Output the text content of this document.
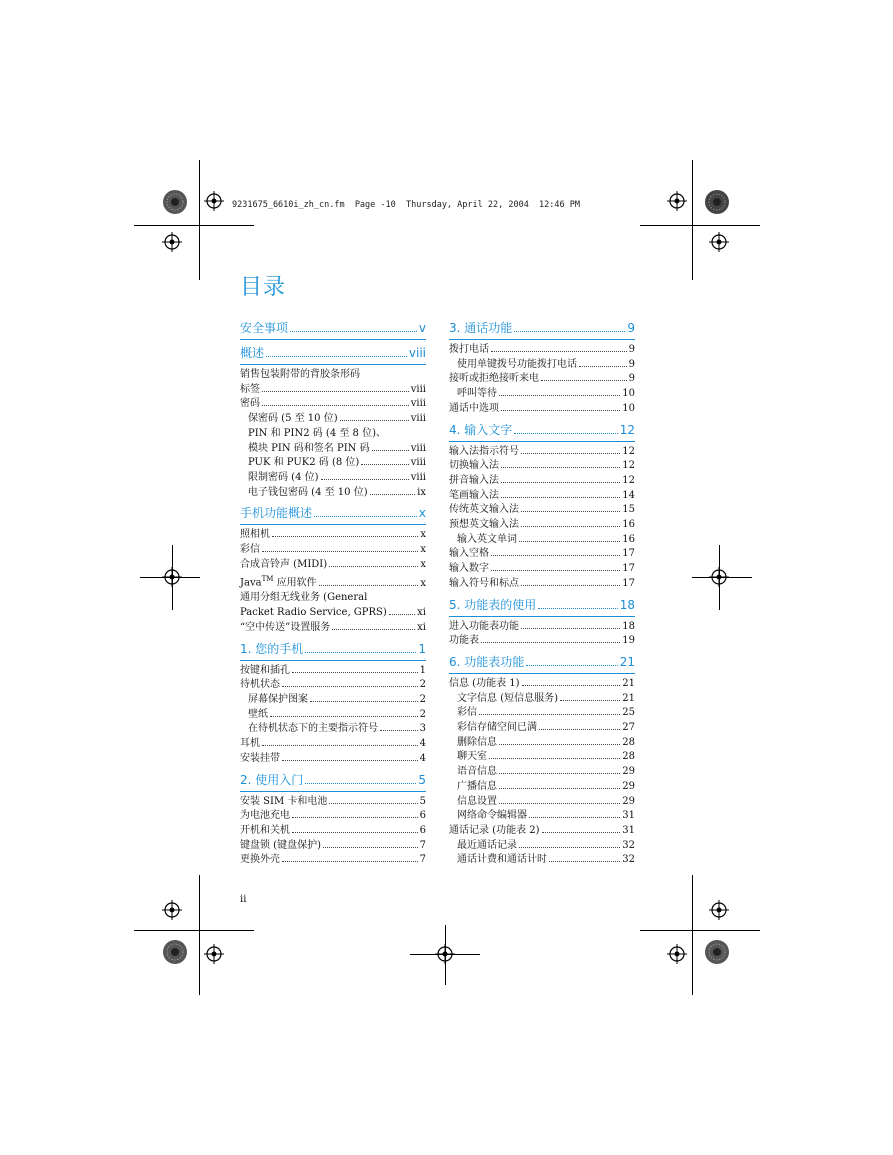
9231675_6610i_zh_cn.fm  Page -10  Thursday, April 22, 2004  12:46 PM
目录
安全事项	v
概述	viii
销售包装附带的背胶条形码
标签	viii
密码	viii
保密码 (5 至 10 位)	viii
PIN 和 PIN2 码 (4 至 8 位)、
模块 PIN 码和签名 PIN 码	viii
PUK 和 PUK2 码 (8 位)	viii
限制密码 (4 位)	viii
电子钱包密码 (4 至 10 位)	ix
手机功能概述	x
照相机	x
彩信	x
合成音铃声 (MIDI)	x
Java™ 应用软件	x
通用分组无线业务 (General
Packet Radio Service, GPRS)	xi
“空中传送”设置服务	xi
1. 您的手机	1
按键和插孔	1
待机状态	2
屏幕保护图案	2
壁纸	2
在待机状态下的主要指示符号	3
耳机	4
安装挂带	4
2. 使用入门	5
安装 SIM 卡和电池	5
为电池充电	6
开机和关机	6
键盘锁 (键盘保护)	7
更换外壳	7
3. 通话功能	9
拨打电话	9
使用单键拨号功能拨打电话	9
接听或拒绝接听来电	9
呼叫等待	10
通话中选项	10
4. 输入文字	12
输入法指示符号	12
切换输入法	12
拼音输入法	12
笔画输入法	14
传统英文输入法	15
预想英文输入法	16
输入英文单词	16
输入空格	17
输入数字	17
输入符号和标点	17
5. 功能表的使用	18
进入功能表功能	18
功能表	19
6. 功能表功能	21
信息 (功能表 1)	21
文字信息 (短信息服务)	21
彩信	25
彩信存储空间已满	27
删除信息	28
聊天室	28
语音信息	29
广播信息	29
信息设置	29
网络命令编辑器	31
通话记录 (功能表 2)	31
最近通话记录	32
通话计费和通话计时	32
ii
